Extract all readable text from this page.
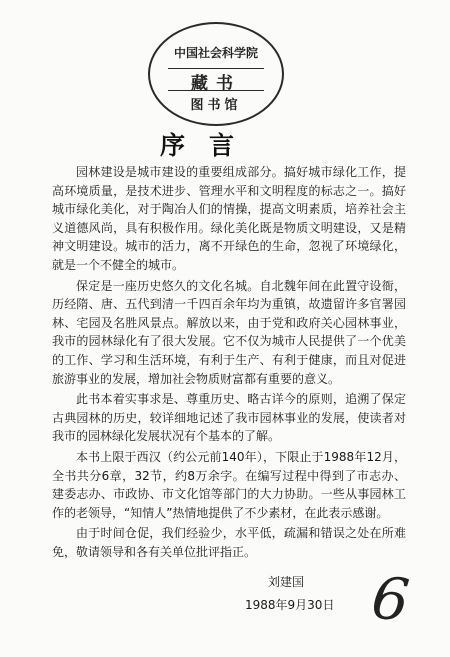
中国社会科学院
藏书
图书馆
序言

园林建设是城市建设的重要组成部分。搞好城市绿化工作，提高环境质量，是技术进步、管理水平和文明程度的标志之一。搞好城市绿化美化，对于陶冶人们的情操，提高文明素质，培养社会主义道德风尚，具有积极作用。绿化美化既是物质文明建设，又是精神文明建设。城市的活力，离不开绿色的生命，忽视了环境绿化，就是一个不健全的城市。

保定是一座历史悠久的文化名城。自北魏年间在此置守设衙，历经隋、唐、五代到清一千四百余年均为重镇，故遗留许多官署园林、宅园及名胜风景点。解放以来，由于党和政府关心园林事业，我市的园林绿化有了很大发展。它不仅为城市人民提供了一个优美的工作、学习和生活环境，有利于生产、有利于健康，而且对促进旅游事业的发展，增加社会物质财富都有重要的意义。

此书本着实事求是、尊重历史、略古详今的原则，追溯了保定古典园林的历史，较详细地记述了我市园林事业的发展，使读者对我市的园林绿化发展状况有个基本的了解。

本书上限于西汉（约公元前140年），下限止于1988年12月，全书共分6章，32节，约8万余字。在编写过程中得到了市志办、建委志办、市政协、市文化馆等部门的大力协助。一些从事园林工作的老领导，“知情人”热情地提供了不少素材，在此表示感谢。

由于时间仓促，我们经验少，水平低，疏漏和错误之处在所难免，敬请领导和各有关单位批评指正。

刘建国
1988年9月30日 6
